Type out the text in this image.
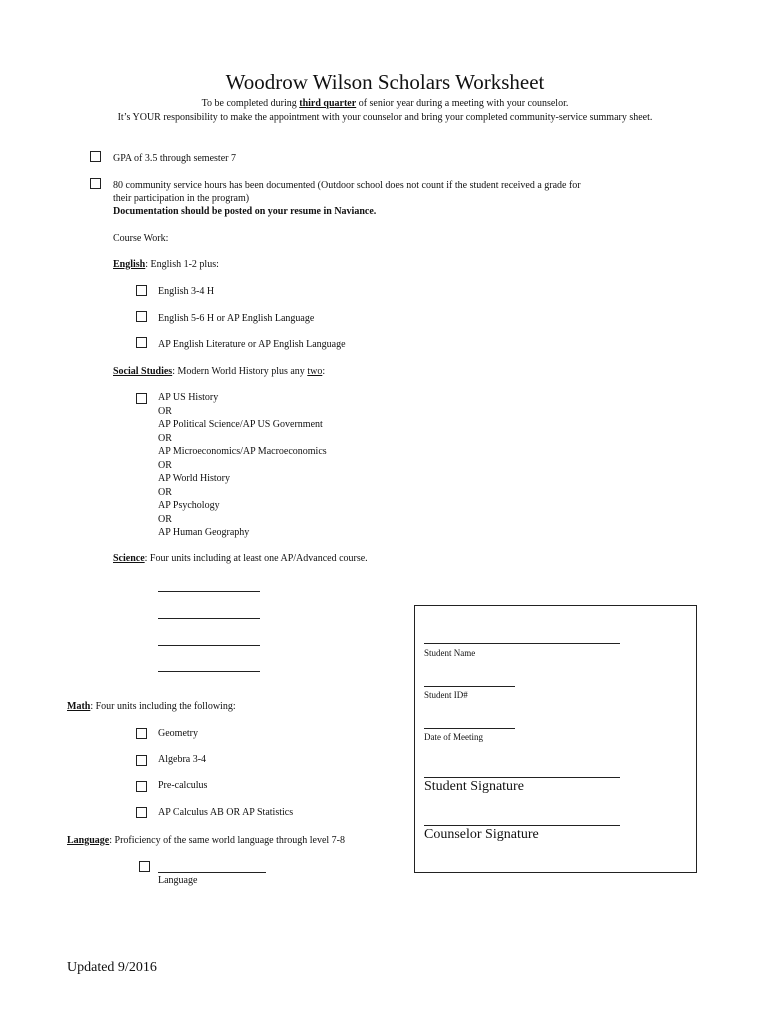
Woodrow Wilson Scholars Worksheet
To be completed during third quarter of senior year during a meeting with your counselor.
It’s YOUR responsibility to make the appointment with your counselor and bring your completed community-service summary sheet.
GPA of 3.5 through semester 7
80 community service hours has been documented (Outdoor school does not count if the student received a grade for
their participation in the program)
Documentation should be posted on your resume in Naviance.
Course Work:
English: English 1-2 plus:
English 3-4 H
English 5-6 H or AP English Language
AP English Literature or AP English Language
Social Studies: Modern World History plus any two:
AP US History
OR
AP Political Science/AP US Government
OR
AP Microeconomics/AP Macroeconomics
OR
AP World History
OR
AP Psychology
OR
AP Human Geography
Science: Four units including at least one AP/Advanced course.
Math: Four units including the following:
Geometry
Algebra 3-4
Pre-calculus
AP Calculus AB OR AP Statistics
Language: Proficiency of the same world language through level 7-8
Language
Student Name
Student ID#
Date of Meeting
Student Signature
Counselor Signature
Updated 9/2016
